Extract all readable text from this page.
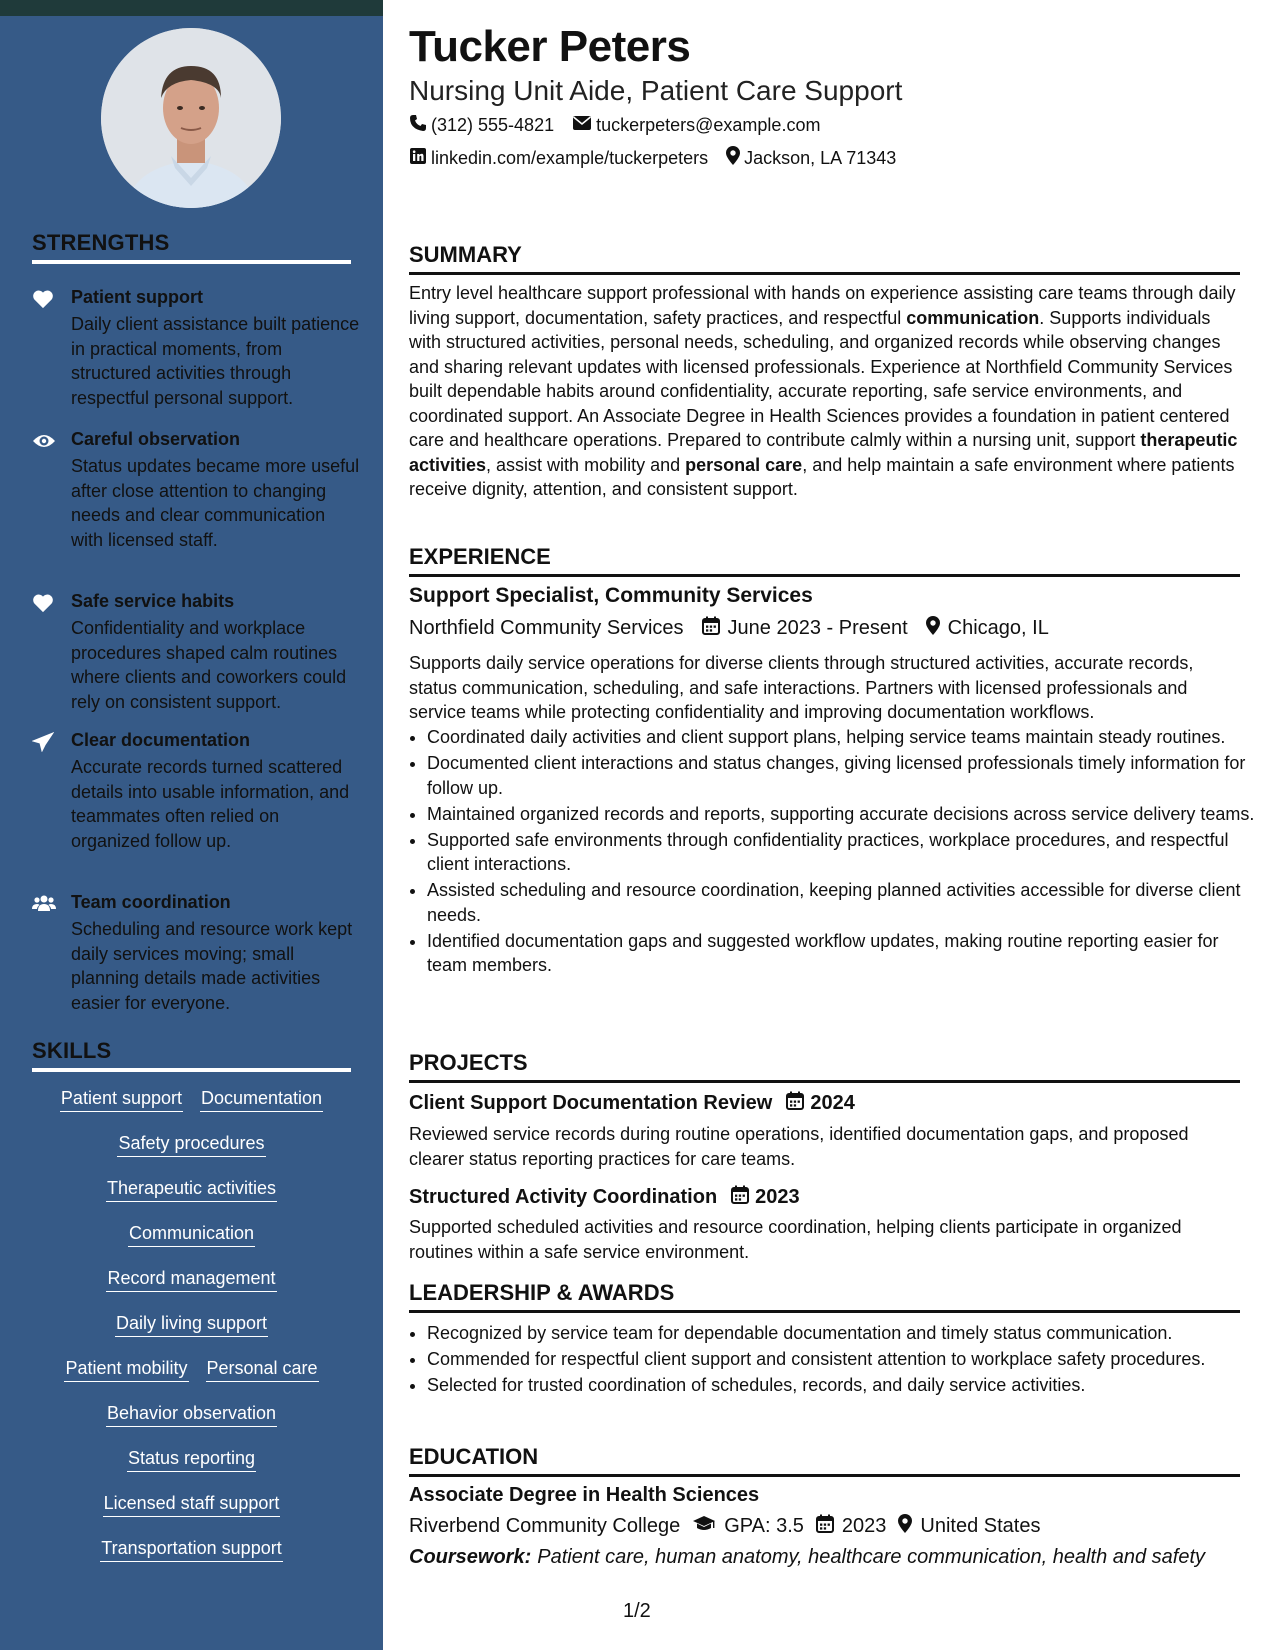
STRENGTHS
Patient support
Daily client assistance built patience in practical moments, from structured activities through respectful personal support.
Careful observation
Status updates became more useful after close attention to changing needs and clear communication with licensed staff.
Safe service habits
Confidentiality and workplace procedures shaped calm routines where clients and coworkers could rely on consistent support.
Clear documentation
Accurate records turned scattered details into usable information, and teammates often relied on organized follow up.
Team coordination
Scheduling and resource work kept daily services moving; small planning details made activities easier for everyone.
SKILLS
Patient support Documentation
Safety procedures
Therapeutic activities
Communication
Record management
Daily living support
Patient mobility Personal care
Behavior observation
Status reporting
Licensed staff support
Transportation support
Tucker Peters
Nursing Unit Aide, Patient Care Support
(312) 555-4821 tuckerpeters@example.com
linkedin.com/example/tuckerpeters Jackson, LA 71343
SUMMARY
Entry level healthcare support professional with hands on experience assisting care teams through daily living support, documentation, safety practices, and respectful communication. Supports individuals with structured activities, personal needs, scheduling, and organized records while observing changes and sharing relevant updates with licensed professionals. Experience at Northfield Community Services built dependable habits around confidentiality, accurate reporting, safe service environments, and coordinated support. An Associate Degree in Health Sciences provides a foundation in patient centered care and healthcare operations. Prepared to contribute calmly within a nursing unit, support therapeutic activities, assist with mobility and personal care, and help maintain a safe environment where patients receive dignity, attention, and consistent support.
EXPERIENCE
Support Specialist, Community Services
Northfield Community Services June 2023 - Present Chicago, IL
Supports daily service operations for diverse clients through structured activities, accurate records, status communication, scheduling, and safe interactions. Partners with licensed professionals and service teams while protecting confidentiality and improving documentation workflows.
• Coordinated daily activities and client support plans, helping service teams maintain steady routines.
• Documented client interactions and status changes, giving licensed professionals timely information for follow up.
• Maintained organized records and reports, supporting accurate decisions across service delivery teams.
• Supported safe environments through confidentiality practices, workplace procedures, and respectful client interactions.
• Assisted scheduling and resource coordination, keeping planned activities accessible for diverse client needs.
• Identified documentation gaps and suggested workflow updates, making routine reporting easier for team members.
PROJECTS
Client Support Documentation Review 2024
Reviewed service records during routine operations, identified documentation gaps, and proposed clearer status reporting practices for care teams.
Structured Activity Coordination 2023
Supported scheduled activities and resource coordination, helping clients participate in organized routines within a safe service environment.
LEADERSHIP & AWARDS
• Recognized by service team for dependable documentation and timely status communication.
• Commended for respectful client support and consistent attention to workplace safety procedures.
• Selected for trusted coordination of schedules, records, and daily service activities.
EDUCATION
Associate Degree in Health Sciences
Riverbend Community College GPA: 3.5 2023 United States
Coursework: Patient care, human anatomy, healthcare communication, health and safety
1/2
